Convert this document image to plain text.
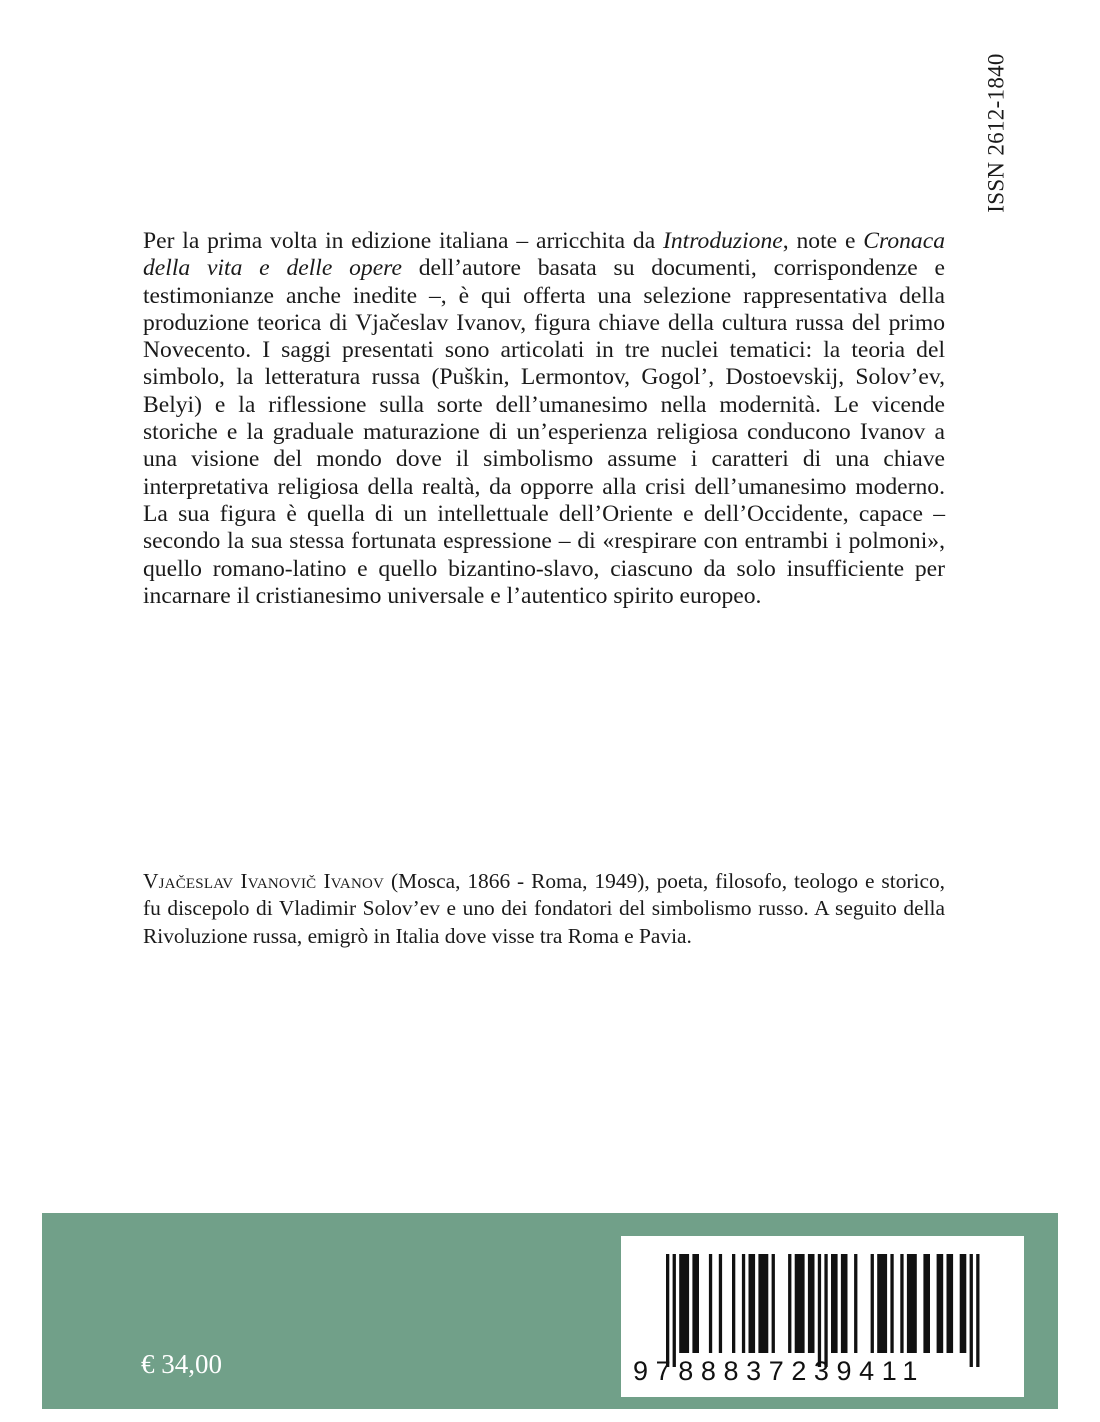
ISSN 2612-1840

Per la prima volta in edizione italiana – arricchita da Introduzione, note e Cronaca della vita e delle opere dell’autore basata su documenti, corrispondenze e testimonianze anche inedite –, è qui offerta una selezione rappresentativa della produzione teorica di Vjačeslav Ivanov, figura chiave della cultura russa del primo Novecento. I saggi presentati sono articolati in tre nuclei tematici: la teoria del simbolo, la letteratura russa (Puškin, Lermontov, Gogol’, Dostoevskij, Solov’ev, Belyi) e la riflessione sulla sorte dell’umanesimo nella modernità. Le vicende storiche e la graduale maturazione di un’esperienza religiosa conducono Ivanov a una visione del mondo dove il simbolismo assume i caratteri di una chiave interpretativa religiosa della realtà, da opporre alla crisi dell’umanesimo moderno. La sua figura è quella di un intellettuale dell’Oriente e dell’Occidente, capace – secondo la sua stessa fortunata espressione – di «respirare con entrambi i polmoni», quello romano-latino e quello bizantino-slavo, ciascuno da solo insufficiente per incarnare il cristianesimo universale e l’autentico spirito europeo.

Vjačeslav Ivanovič Ivanov (Mosca, 1866 - Roma, 1949), poeta, filosofo, teologo e storico, fu discepolo di Vladimir Solov’ev e uno dei fondatori del simbolismo russo. A seguito della Rivoluzione russa, emigrò in Italia dove visse tra Roma e Pavia.

€ 34,00	9788837239411
